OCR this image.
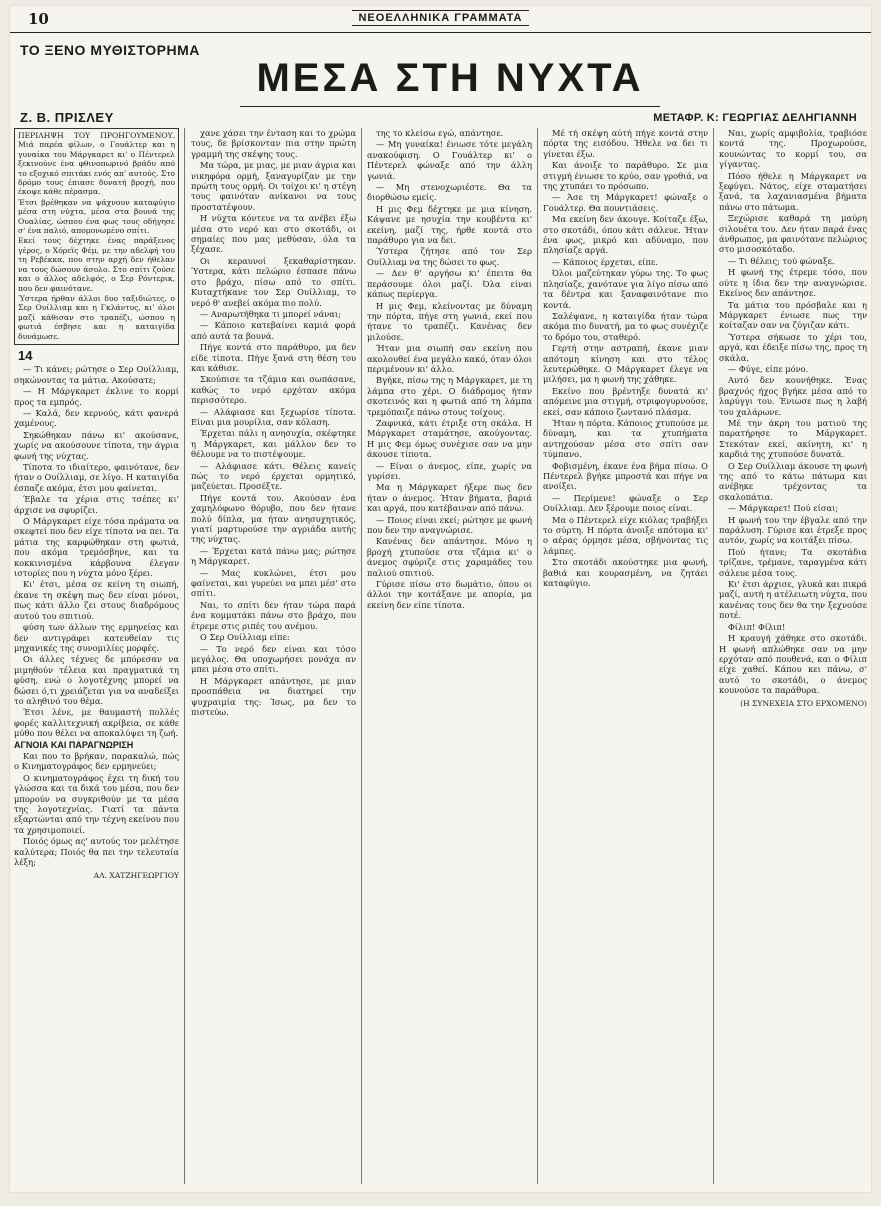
10	ΝΕΟΕΛΛΗΝΙΚΑ ΓΡΑΜΜΑΤΑ
ΤΟ ΞΕΝΟ ΜΥΘΙΣΤΟΡΗΜΑ
ΜΕΣΑ ΣΤΗ ΝΥΧΤΑ
Ζ. Β. ΠΡΙΣΛΕΥ	ΜΕΤΑΦΡ. Κ: ΓΕΩΡΓΙΑΣ ΔΕΛΗΓΙΑΝΝΗ

ΠΕΡΙΛΗΨΗ ΤΟΥ ΠΡΟΗΓΟΥΜΕΝΟΥ. Μιά παρέα φίλων, ο Γουάλτερ και η γυναίκα του Μάργκαρετ κι' ο Πέντερελ ξεκινούνε ένα φθινοπωρινό βράδυ από το εξοχικό σπιτάκι ενός απ' αυτούς. Στο δρόμο τους έπιασε δυνατή βροχή, που έκοψε κάθε πέρασμα.

Έτσι βρέθηκαν να ψάχνουν καταφύγιο μέσα στη νύχτα, μέσα στα βουνά της Ουαλίας, ώσπου ένα φως τους οδήγησε σ' ένα παλιό, απομονωμένο σπίτι.

Εκεί τους δέχτηκε ένας παράξενος γέρος, ο Χόρεϊς Φέμ, με την αδελφή του τη Ρεβέκκα, που στην αρχή δεν ήθελαν να τους δώσουν άσυλο. Στο σπίτι ζούσε και ο άλλος αδελφός, ο Σερ Ρόντερικ, που δεν φαινότανε.

Ύστερα ήρθαν άλλοι δυο ταξιδιώτες, ο Σερ Ουίλλιαμ και η Γκλάντυς, κι' όλοι μαζί κάθισαν στο τραπέζι, ώσπου η φωτιά έσβησε και η καταιγίδα δυνάμωσε.

14

— Τι κάνει; ρώτησε ο Σερ Ουίλλιαμ, σηκώνοντας τα μάτια. Ακούσατε;

— Η Μάργκαρετ έκλινε το κορμί προς τα εμπρός.

— Καλά, δεν κερνούς, κάτι φανερά χαμένους.

Σηκώθηκαν πάνω κι' ακούσανε, χωρίς να ακούσουνε τίποτα, την άγρια φωνή της νύχτας.

Τίποτα το ιδιαίτερο, φαινότανε, δεν ήταν ο Ουίλλιαμ, σε λίγο. Η καταιγίδα έσπαζε ακόμα, έτσι μου φαίνεται.

Έβαλε τα χέρια στις τσέπες κι' άρχισε να σφυρίζει.

Ο Μάργκαρετ είχε τόσα πράματα να σκεφτεί που δεν είχε τίποτα να πει. Τα μάτια της καρφώθηκαν στη φωτιά, που ακόμα τρεμόσβηνε, και τα κοκκινισμένα κάρβουνα έλεγαν ιστορίες που η νύχτα μόνο ξέρει.

Κι' έτσι, μέσα σε κείνη τη σιωπή, έκανε τη σκέψη πως δεν είναι μόνοι, πως κάτι άλλο ζει στους διαδρόμους αυτού του σπιτιού.

φύση των άλλων της ερμηνείας και δεν αντιγράφει κατευθείαν τις μηχανικές της συνομιλίες μορφές.

Οι άλλες τέχνες δε μπόρεσαν να μιμηθούν τέλεια και πραγματικά τη φύση, ενώ ο λογοτέχνης μπορεί να δώσει ό,τι χρειάζεται για να αναδείξει το αληθινό του θέμα.

Έτσι λένε, με θαυμαστή πολλές φορές καλλιτεχνική ακρίβεια, σε κάθε μύθο που θέλει να αποκαλύψει τη ζωή.

ΑΓΝΟΙΑ ΚΑΙ ΠΑΡΑΓΝΩΡΙΣΗ

Και που το βρήκαν, παρακαλώ, πώς ο Κινηματογράφος δεν ερμηνεύει;

Ο κινηματογράφος έχει τη δική του γλώσσα και τα δικά του μέσα, που δεν μπορούν να συγκριθούν με τα μέσα της λογοτεχνίας. Γιατί τα πάντα εξαρτώνται από την τέχνη εκείνου που τα χρησιμοποιεί.

Ποιός όμως ας' αυτούς τον μελέτησε καλύτερα; Ποιός θα πει την τελευταία λέξη;

ΑΛ. ΧΑΤΖΗΓΕΩΡΓΙΟΥ

χανε χάσει την ένταση και το χρώμα τους, δε βρίσκονταν πια στην πρώτη γραμμή της σκέψης τους.

Μα τώρα, με μιας, με μιαν άγρια και νικηφόρα ορμή, ξαναγυρίζαν με την πρώτη τους ορμή. Οι τοίχοι κι' η στέγη τους φαινόταν ανίκανοι να τους προστατέψουν.

Η νύχτα κόντευε να τα ανέβει έξω μέσα στο νερό και στο σκοτάδι, οι σημαίες που μας μεθύσαν, όλα τα ξέχασε.

Οι κεραυνοί ξεκαθαρίστηκαν. Ύστερα, κάτι πελώριο έσπασε πάνω στο βράχο, πίσω από το σπίτι. Κυταχτήκανε τον Σερ Ουίλλιαμ, το νερό θ' ανεβεί ακόμα πιο πολύ.

— Αναρωτήθηκα τι μπορεί νάναι;

— Κάποιο κατεβαίνει καμιά φορά από αυτά τα βουνά.

Πήγε κοντά στο παράθυρο, μα δεν είδε τίποτα. Πήγε ξανά στη θέση του και κάθισε.

Σκούπισε τα τζάμια και σωπάσανε, καθώς το νερό ερχόταν ακόμα περισσότερο.

— Αλάφιασε και ξεχωρίσε τίποτα. Είναι μια μουρίλια, σαν κόλαση.

Έρχεται πάλι η ανησυχία, σκέφτηκε η Μάργκαρετ, και μάλλον δεν το θέλουμε να το πιστέψουμε.

— Αλάφιασε κάτι. Θέλεις κανείς πώς το νερό έρχεται ορμητικό, μαζεύεται. Προσέξτε.

Πήγε κοντά του. Ακούσαν ένα χαμηλόφωνο θόρυβο, που δεν ήτανε πολύ δίπλα, μα ήταν ανησυχητικός, γιατί μαρτυρούσε την αγριάδα αυτής της νύχτας.

— Έρχεται κατά πάνω μας; ρώτησε η Μάργκαρετ.

— Μας κυκλώνει, έτσι μου φαίνεται, και γυρεύει να μπει μέσ' στο σπίτι.

Ναι, το σπίτι δεν ήταν τώρα παρά ένα κομματάκι πάνω στο βράχο, που έτρεμε στις ριπές του ανέμου.

Ο Σερ Ουίλλιαμ είπε:

— Το νερό δεν είναι και τόσο μεγάλος. Θα υποχωρήσει μονάχα αν μπει μέσα στο σπίτι.

Η Μάργκαρετ απάντησε, με μιαν προσπάθεια να διατηρεί την ψυχραιμία της: Ίσως, μα δεν το πιστεύω.

της το κλείσω εγώ, απάντησε.

— Μη γυναίκα! ένιωσε τότε μεγάλη ανακούφιση. Ο Γουάλτερ κι' ο Πέντερελ φώναξε από την άλλη γωνιά.

— Μη στενοχωριέστε. Θα τα διορθώσω εμείς.

Η μις Φεμ δέχτηκε με μια κίνηση. Κάψανε με ησυχία την κουβέντα κι' εκείνη, μαζί της, ήρθε κοντά στο παράθυρο για να δει.

Ύστερα ζήτησε από τον Σερ Ουίλλιαμ να της δώσει το φως.

— Δεν θ' αργήσω κι' έπειτα θα περάσουμε όλοι μαζί. Όλα είναι κάπως περίεργα.

Η μις Φεμ, κλείνοντας με δύναμη την πόρτα, πήγε στη γωνιά, εκεί που ήτανε το τραπέζι. Κανένας δεν μιλούσε.

Ήταν μια σιωπή σαν εκείνη που ακολουθεί ένα μεγάλο κακό, όταν όλοι περιμένουν κι' άλλο.

Βγήκε, πίσω της η Μάργκαρετ, με τη λάμπα στο χέρι. Ο διάδρομος ήταν σκοτεινός και η φωτιά από τη λάμπα τρεμόπαιζε πάνω στους τοίχους.

Ζαφνικά, κάτι έτριξε στη σκάλα. Η Μάργκαρετ σταμάτησε, ακούγοντας. Η μις Φεμ όμως συνέχισε σαν να μην άκουσε τίποτα.

— Είναι ο άνεμος, είπε, χωρίς να γυρίσει.

Μα η Μάργκαρετ ήξερε πως δεν ήταν ο άνεμος. Ήταν βήματα, βαριά και αργά, που κατέβαιναν από πάνω.

— Ποιος είναι εκεί; ρώτησε με φωνή που δεν την αναγνώρισε.

Κανένας δεν απάντησε. Μόνο η βροχή χτυπούσε στα τζάμια κι' ο άνεμος σφύριζε στις χαραμάδες του παλιού σπιτιού.

Γύρισε πίσω στο δωμάτιο, όπου οι άλλοι την κοιτάξανε με απορία, μα εκείνη δεν είπε τίποτα.

Μέ τή σκέψη αύτή πήγε κοντά στην πόρτα της εισόδου. Ήθελε να δει τι γίνεται έξω.

Και άνοιξε το παράθυρο. Σε μια στιγμή ένιωσε το κρύο, σαν γροθιά, να της χτυπάει το πρόσωπο.

— Άσε τη Μάργκαρετ! φώναξε ο Γουάλτερ. Θα πουντιάσεις.

Μα εκείνη δεν άκουγε. Κοίταζε έξω, στο σκοτάδι, όπου κάτι σάλευε. Ήταν ένα φως, μικρό και αδύναμο, που πλησίαζε αργά.

— Κάποιος έρχεται, είπε.

Όλοι μαζεύτηκαν γύρω της. Το φως πλησίαζε, χανότανε για λίγο πίσω από τα δέντρα και ξαναφαινότανε πιο κοντά.

Σαλέψανε, η καταιγίδα ήταν τώρα ακόμα πιο δυνατή, μα το φως συνέχιζε το δρόμο του, σταθερό.

Γερτή στην αστραπή, έκανε μιαν απότομη κίνηση και στο τέλος λευτερώθηκε. Ο Μάργκαρετ έλεγε να μιλήσει, μα η φωνή της χάθηκε.

Εκείνο που βρέντηξε δυνατά κι' απόμεινε μια στιγμή, στριφογυρνούσε, εκεί, σαν κάποιο ζωντανό πλάσμα.

Ήταν η πόρτα. Κάποιος χτυπούσε με δύναμη, και τα χτυπήματα αντηχούσαν μέσα στο σπίτι σαν τύμπανο.

Φοβισμένη, έκανε ένα βήμα πίσω. Ο Πέντερελ βγήκε μπροστά και πήγε να ανοίξει.

— Περίμενε! φώναξε ο Σερ Ουίλλιαμ. Δεν ξέρουμε ποιος είναι.

Μα ο Πέντερελ είχε κιόλας τραβήξει το σύρτη. Η πόρτα άνοιξε απότομα κι' ο αέρας όρμησε μέσα, σβήνοντας τις λάμπες.

Στο σκοτάδι ακούστηκε μια φωνή, βαθιά και κουρασμένη, να ζητάει καταφύγιο.

Ναι, χωρίς αμφιβολία, τραβιόσε κοντά της. Προχωρούσε, κουνώντας το κορμί του, σα γίγαντας.

Πόσο ήθελε η Μάργκαρετ να ξεφύγει. Νάτος, είχε σταματήσει ξανά, τα λαχανιασμένα βήματα πάνω στο πάτωμα.

Ξεχώρισε καθαρά τη μαύρη σιλουέτα του. Δεν ήταν παρά ένας άνθρωπος, μα φαινότανε πελώριος στο μισοσκόταδο.

— Τι θέλεις; τού φώναξε.

Η φωνή της έτρεμε τόσο, που ούτε η ίδια δεν την αναγνώρισε. Εκείνος δεν απάντησε.

Τα μάτια του πρόσβαλε και η Μάργκαρετ ένιωσε πως την κοίταζαν σαν να ζύγιζαν κάτι.

Ύστερα σήκωσε το χέρι του, αργά, και έδειξε πίσω της, προς τη σκάλα.

— Φύγε, είπε μόνο.

Αυτό δεν κουνήθηκε. Ένας βραχνός ήχος βγήκε μέσα από το λαρύγγι του. Ένιωσε πως η λαβή του χαλάρωνε.

Μέ την άκρη του ματιού της παρατήρησε το Μάργκαρετ. Στεκόταν εκεί, ακίνητη, κι' η καρδιά της χτυπούσε δυνατά.

Ο Σερ Ουίλλιαμ άκουσε τη φωνή της από το κάτω πάτωμα και ανέβηκε τρέχοντας τα σκαλοπάτια.

— Μάργκαρετ! Πού είσαι;

Η φωνή του την έβγαλε από την παράλυση. Γύρισε και έτρεξε προς αυτόν, χωρίς να κοιτάξει πίσω.

Πού ήτανε; Τα σκοτάδια τρίζανε, τρέμανε, ταραγμένα κάτι σάλευε μέσα τους.

Κι' έτσι άρχισε, γλυκά και πικρά μαζί, αυτή η ατέλειωτη νύχτα, που κανένας τους δεν θα την ξεχνούσε ποτέ.

Φίλιπ! Φίλιπ!

Η κραυγή χάθηκε στο σκοτάδι. Η φωνή απλώθηκε σαν να μην ερχόταν από πουθενά, και ο Φίλιπ είχε χαθεί. Κάπου κει πάνω, σ' αυτό το σκοτάδι, ο άνεμος κουνούσε τα παράθυρα.

(Η ΣΥΝΕΧΕΙΑ ΣΤΟ ΕΡΧΟΜΕΝΟ)
